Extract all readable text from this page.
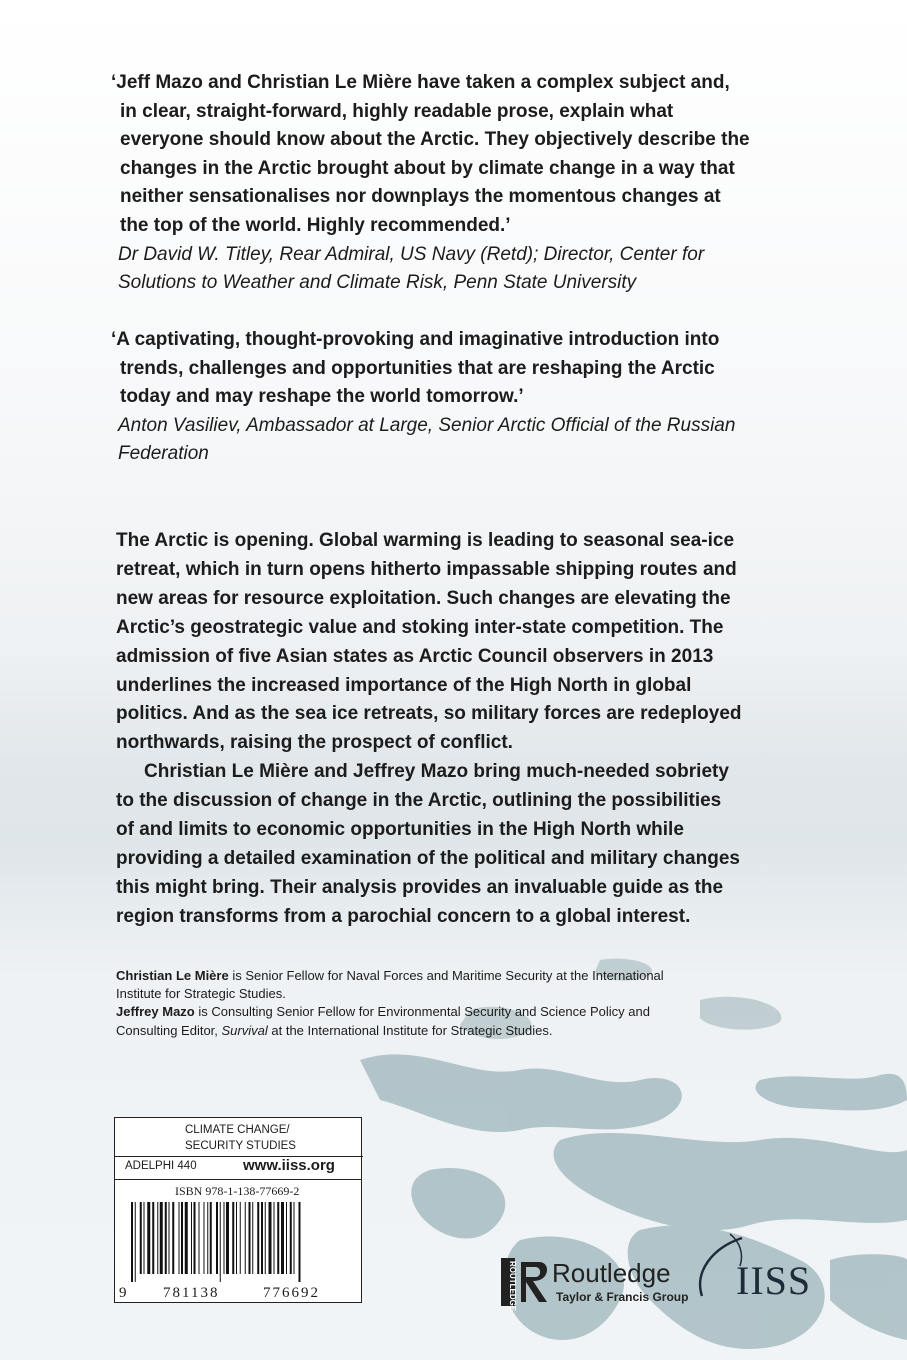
‘Jeff Mazo and Christian Le Mière have taken a complex subject and, in clear, straight-forward, highly readable prose, explain what everyone should know about the Arctic. They objectively describe the changes in the Arctic brought about by climate change in a way that neither sensationalises nor downplays the momentous changes at the top of the world. Highly recommended.’
Dr David W. Titley, Rear Admiral, US Navy (Retd); Director, Center for Solutions to Weather and Climate Risk, Penn State University
‘A captivating, thought-provoking and imaginative introduction into trends, challenges and opportunities that are reshaping the Arctic today and may reshape the world tomorrow.’
Anton Vasiliev, Ambassador at Large, Senior Arctic Official of the Russian Federation

The Arctic is opening. Global warming is leading to seasonal sea-ice retreat, which in turn opens hitherto impassable shipping routes and new areas for resource exploitation. Such changes are elevating the Arctic’s geostrategic value and stoking inter-state competition. The admission of five Asian states as Arctic Council observers in 2013 underlines the increased importance of the High North in global politics. And as the sea ice retreats, so military forces are redeployed northwards, raising the prospect of conflict.

Christian Le Mière and Jeffrey Mazo bring much-needed sobriety to the discussion of change in the Arctic, outlining the possibilities of and limits to economic opportunities in the High North while providing a detailed examination of the political and military changes this might bring. Their analysis provides an invaluable guide as the region transforms from a parochial concern to a global interest.

Christian Le Mière is Senior Fellow for Naval Forces and Maritime Security at the International Institute for Strategic Studies.

Jeffrey Mazo is Consulting Senior Fellow for Environmental Security and Science Policy and Consulting Editor, Survival at the International Institute for Strategic Studies.

CLIMATE CHANGE/
SECURITY STUDIES
ADELPHI 440	www.iiss.org
ISBN 978-1-138-77669-2
9 781138	776692	ROUTLEDGE Routledge
Taylor & Francis Group IISS
